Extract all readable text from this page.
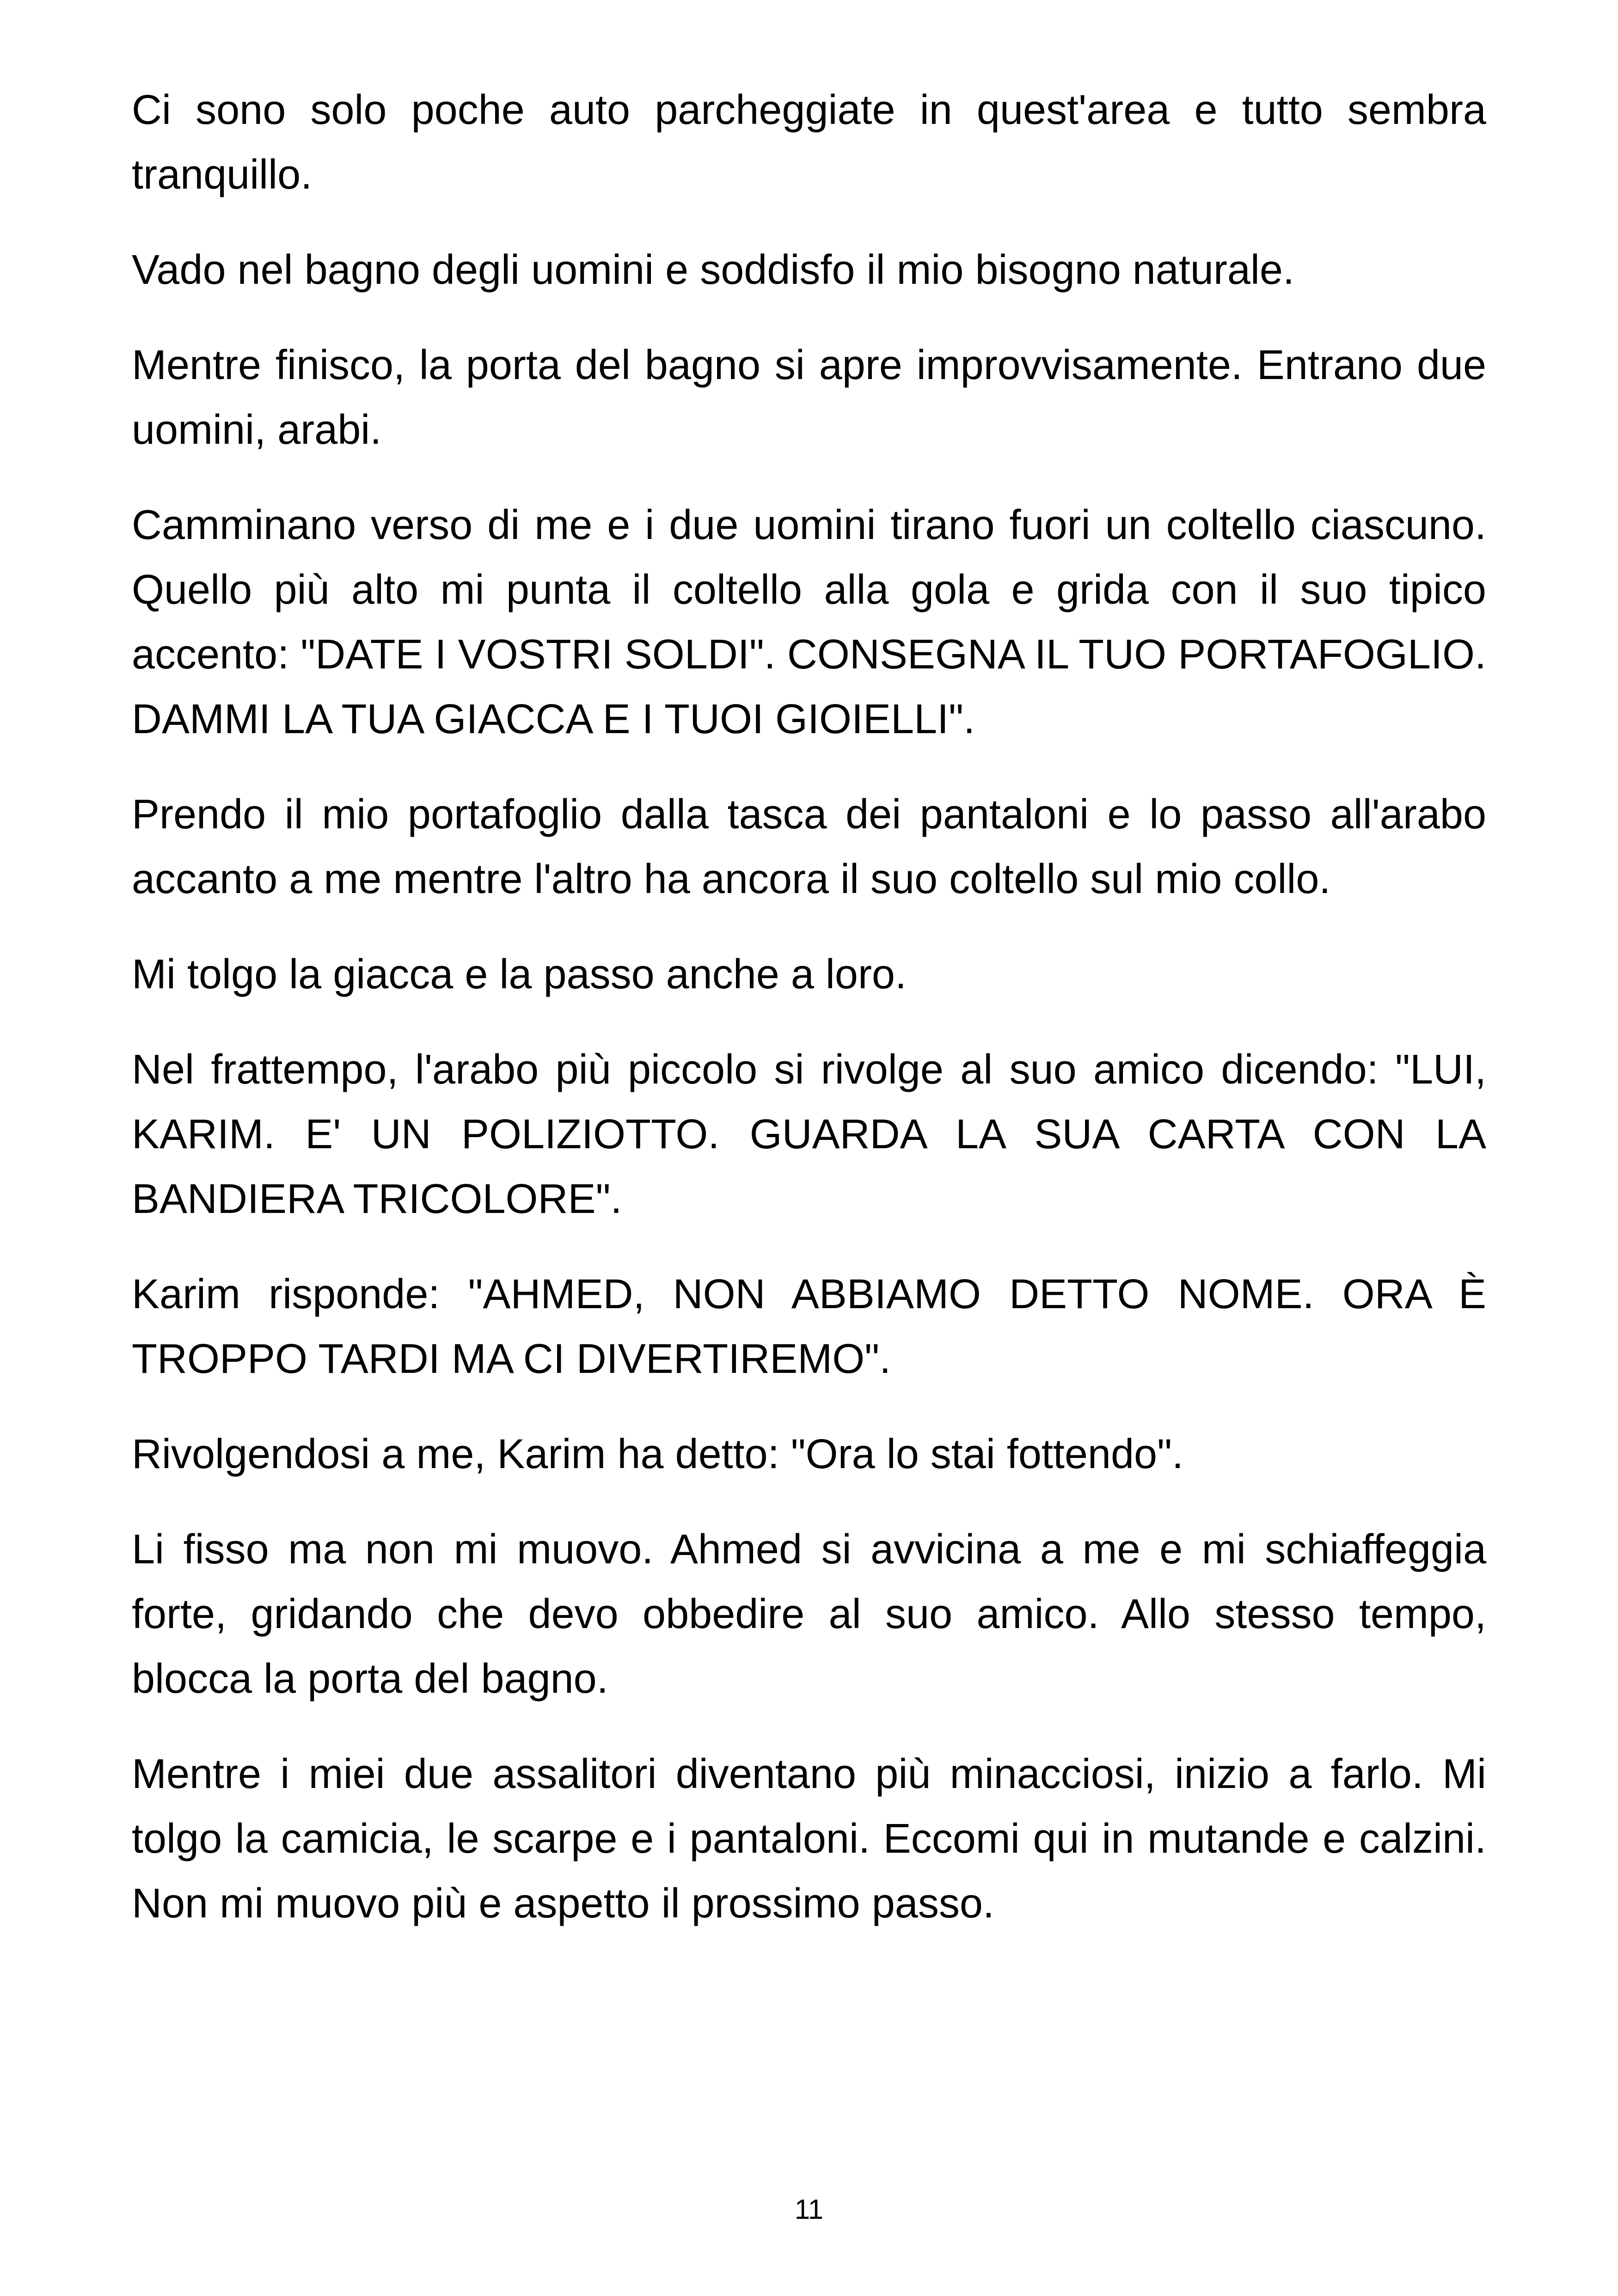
Ci sono solo poche auto parcheggiate in quest'area e tutto sembra tranquillo.

Vado nel bagno degli uomini e soddisfo il mio bisogno naturale.

Mentre finisco, la porta del bagno si apre improvvisamente. Entrano due uomini, arabi.

Camminano verso di me e i due uomini tirano fuori un coltello ciascuno. Quello più alto mi punta il coltello alla gola e grida con il suo tipico accento: "DATE I VOSTRI SOLDI". CONSEGNA IL TUO PORTAFOGLIO. DAMMI LA TUA GIACCA E I TUOI GIOIELLI".

Prendo il mio portafoglio dalla tasca dei pantaloni e lo passo all'arabo accanto a me mentre l'altro ha ancora il suo coltello sul mio collo.

Mi tolgo la giacca e la passo anche a loro.

Nel frattempo, l'arabo più piccolo si rivolge al suo amico dicendo: "LUI, KARIM. E' UN POLIZIOTTO. GUARDA LA SUA CARTA CON LA BANDIERA TRICOLORE".

Karim risponde: "AHMED, NON ABBIAMO DETTO NOME. ORA È TROPPO TARDI MA CI DIVERTIREMO".

Rivolgendosi a me, Karim ha detto: "Ora lo stai fottendo".

Li fisso ma non mi muovo. Ahmed si avvicina a me e mi schiaffeggia forte, gridando che devo obbedire al suo amico. Allo stesso tempo, blocca la porta del bagno.

Mentre i miei due assalitori diventano più minacciosi, inizio a farlo. Mi tolgo la camicia, le scarpe e i pantaloni. Eccomi qui in mutande e calzini. Non mi muovo più e aspetto il prossimo passo.

11
